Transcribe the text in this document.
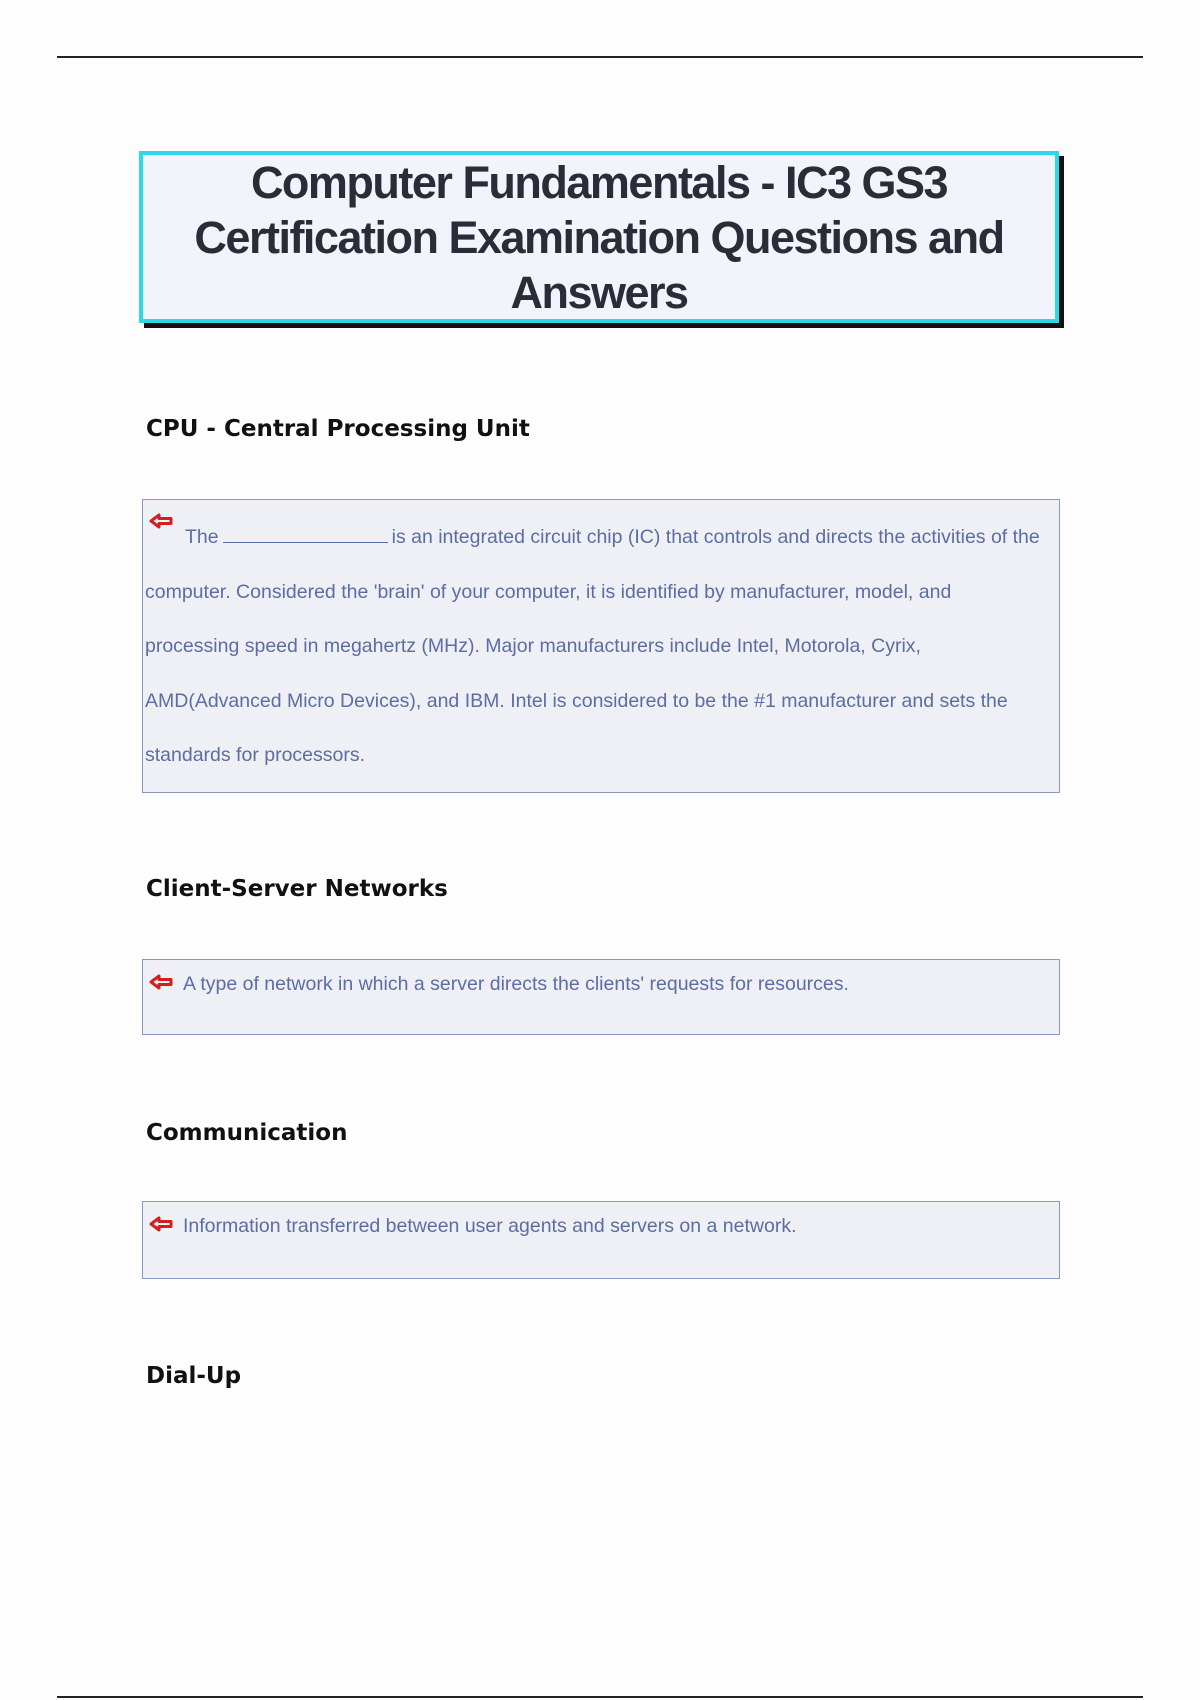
Computer Fundamentals - IC3 GS3 Certification Examination Questions and Answers
CPU - Central Processing Unit

The	is an integrated circuit chip (IC) that controls and directs the activities of the computer. Considered the 'brain' of your computer, it is identified by manufacturer, model, and processing speed in megahertz (MHz). Major manufacturers include Intel, Motorola, Cyrix, AMD(Advanced Micro Devices), and IBM. Intel is considered to be the #1 manufacturer and sets the standards for processors.

Client-Server Networks

A type of network in which a server directs the clients' requests for resources.

Communication

Information transferred between user agents and servers on a network.

Dial-Up
